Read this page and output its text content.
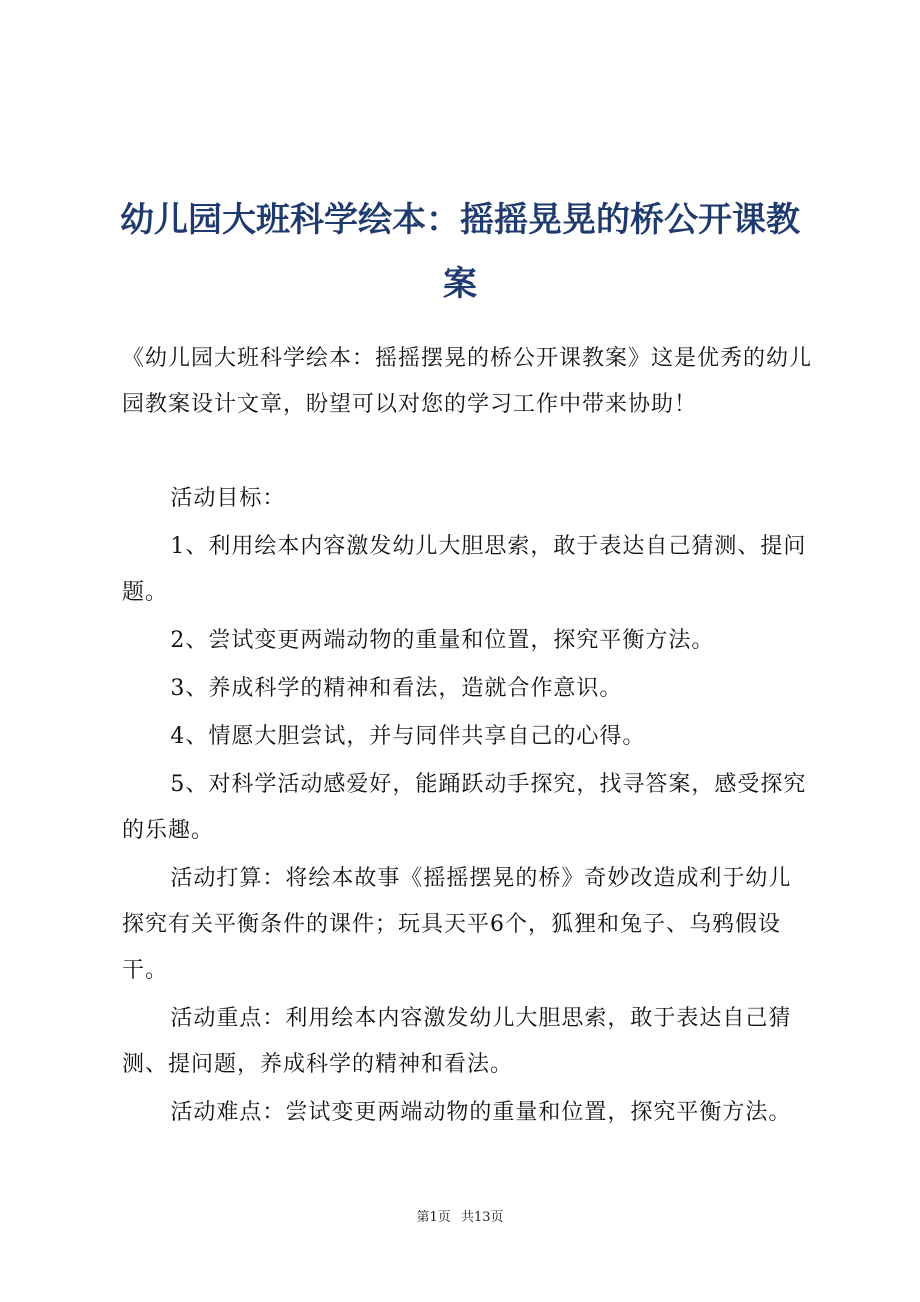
幼儿园大班科学绘本：摇摇晃晃的桥公开课教案

《幼儿园大班科学绘本：摇摇摆晃的桥公开课教案》这是优秀的幼儿园教案设计文章，盼望可以对您的学习工作中带来协助！

活动目标：

1、利用绘本内容激发幼儿大胆思索，敢于表达自己猜测、提问题。

2、尝试变更两端动物的重量和位置，探究平衡方法。

3、养成科学的精神和看法，造就合作意识。

4、情愿大胆尝试，并与同伴共享自己的心得。

5、对科学活动感爱好，能踊跃动手探究，找寻答案，感受探究的乐趣。

活动打算：将绘本故事《摇摇摆晃的桥》奇妙改造成利于幼儿探究有关平衡条件的课件；玩具天平6个，狐狸和兔子、乌鸦假设干。

活动重点：利用绘本内容激发幼儿大胆思索，敢于表达自己猜测、提问题，养成科学的精神和看法。

活动难点：尝试变更两端动物的重量和位置，探究平衡方法。

第1页 共13页
